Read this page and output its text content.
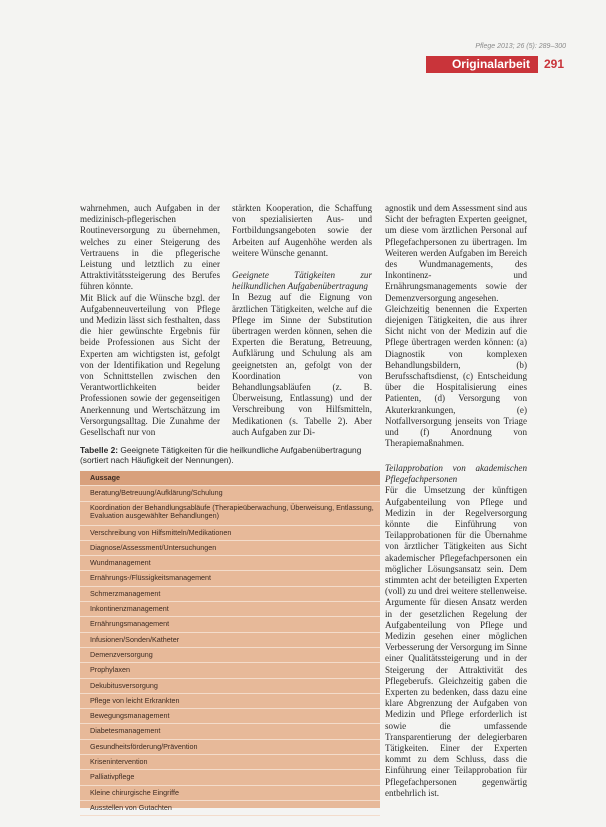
Pflege 2013; 26 (5): 289–300
Originalarbeit 291

wahrnehmen, auch Aufgaben in der medizinisch-pflegerischen Routineversorgung zu übernehmen, welches zu einer Steigerung des Vertrauens in die pflegerische Leistung und letztlich zu einer Attraktivitätssteigerung des Berufes führen könnte.

Mit Blick auf die Wünsche bzgl. der Aufgabenneuverteilung von Pflege und Medizin lässt sich festhalten, dass die hier gewünschte Ergebnis für beide Professionen aus Sicht der Experten am wichtigsten ist, gefolgt von der Identifikation und Regelung von Schnittstellen zwischen den Verantwortlichkeiten beider Professionen sowie der gegenseitigen Anerkennung und Wertschätzung im Versorgungsalltag. Die Zunahme der Gesellschaft nur von

stärkten Kooperation, die Schaffung von spezialisierten Aus- und Fortbildungsangeboten sowie der Arbeiten auf Augenhöhe werden als weitere Wünsche genannt.

Geeignete Tätigkeiten zur heilkundlichen Aufgabenübertragung

In Bezug auf die Eignung von ärztlichen Tätigkeiten, welche auf die Pflege im Sinne der Substitution übertragen werden können, sehen die Experten die Beratung, Betreuung, Aufklärung und Schulung als am geeignetsten an, gefolgt von der Koordination von Behandlungsabläufen (z. B. Überweisung, Entlassung) und der Verschreibung von Hilfsmitteln, Medikationen (s. Tabelle 2). Aber auch Aufgaben zur Di-

agnostik und dem Assessment sind aus Sicht der befragten Experten geeignet, um diese vom ärztlichen Personal auf Pflegefachpersonen zu übertragen. Im Weiteren werden Aufgaben im Bereich des Wundmanagements, des Inkontinenz- und Ernährungsmanagements sowie der Demenzversorgung angesehen.

Gleichzeitig benennen die Experten diejenigen Tätigkeiten, die aus ihrer Sicht nicht von der Medizin auf die Pflege übertragen werden können: (a) Diagnostik von komplexen Behandlungsbildern, (b) Berufsschaftsdienst, (c) Entscheidung über die Hospitalisierung eines Patienten, (d) Versorgung von Akuterkrankungen, (e) Notfallversorgung jenseits von Triage und (f) Anordnung von Therapiemaßnahmen.

Teilapprobation von akademischen Pflegefachpersonen

Für die Umsetzung der künftigen Aufgabenteilung von Pflege und Medizin in der Regelversorgung könnte die Einführung von Teilapprobationen für die Übernahme von ärztlicher Tätigkeiten aus Sicht akademischer Pflegefachpersonen ein möglicher Lösungsansatz sein. Dem stimmten acht der beteiligten Experten (voll) zu und drei weitere stellenweise. Argumente für diesen Ansatz werden in der gesetzlichen Regelung der Aufgabenteilung von Pflege und Medizin gesehen einer möglichen Verbesserung der Versorgung im Sinne einer Qualitätssteigerung und in der Steigerung der Attraktivität des Pflegeberufs. Gleichzeitig gaben die Experten zu bedenken, dass dazu eine klare Abgrenzung der Aufgaben von Medizin und Pflege erforderlich ist sowie die umfassende Transparentierung der delegierbaren Tätigkeiten. Einer der Experten kommt zu dem Schluss, dass die Einführung einer Teilapprobation für Pflegefachpersonen gegenwärtig entbehrlich ist.

Tabelle 2: Geeignete Tätigkeiten für die heilkundliche Aufgabenübertragung (sortiert nach Häufigkeit der Nennungen).
Aussage
Beratung/Betreuung/Aufklärung/Schulung
Koordination der Behandlungsabläufe (Therapieüberwachung, Überweisung, Entlassung, Evaluation ausgewählter Behandlungen)
Verschreibung von Hilfsmitteln/Medikationen
Diagnose/Assessment/Untersuchungen
Wundmanagement
Ernährungs-/Flüssigkeitsmanagement
Schmerzmanagement
Inkontinenzmanagement
Ernährungsmanagement
Infusionen/Sonden/Katheter
Demenzversorgung
Prophylaxen
Dekubitusversorgung
Pflege von leicht Erkrankten
Bewegungsmanagement
Diabetesmanagement
Gesundheitsförderung/Prävention
Krisenintervention
Palliativpflege
Kleine chirurgische Eingriffe
Ausstellen von Gutachten
